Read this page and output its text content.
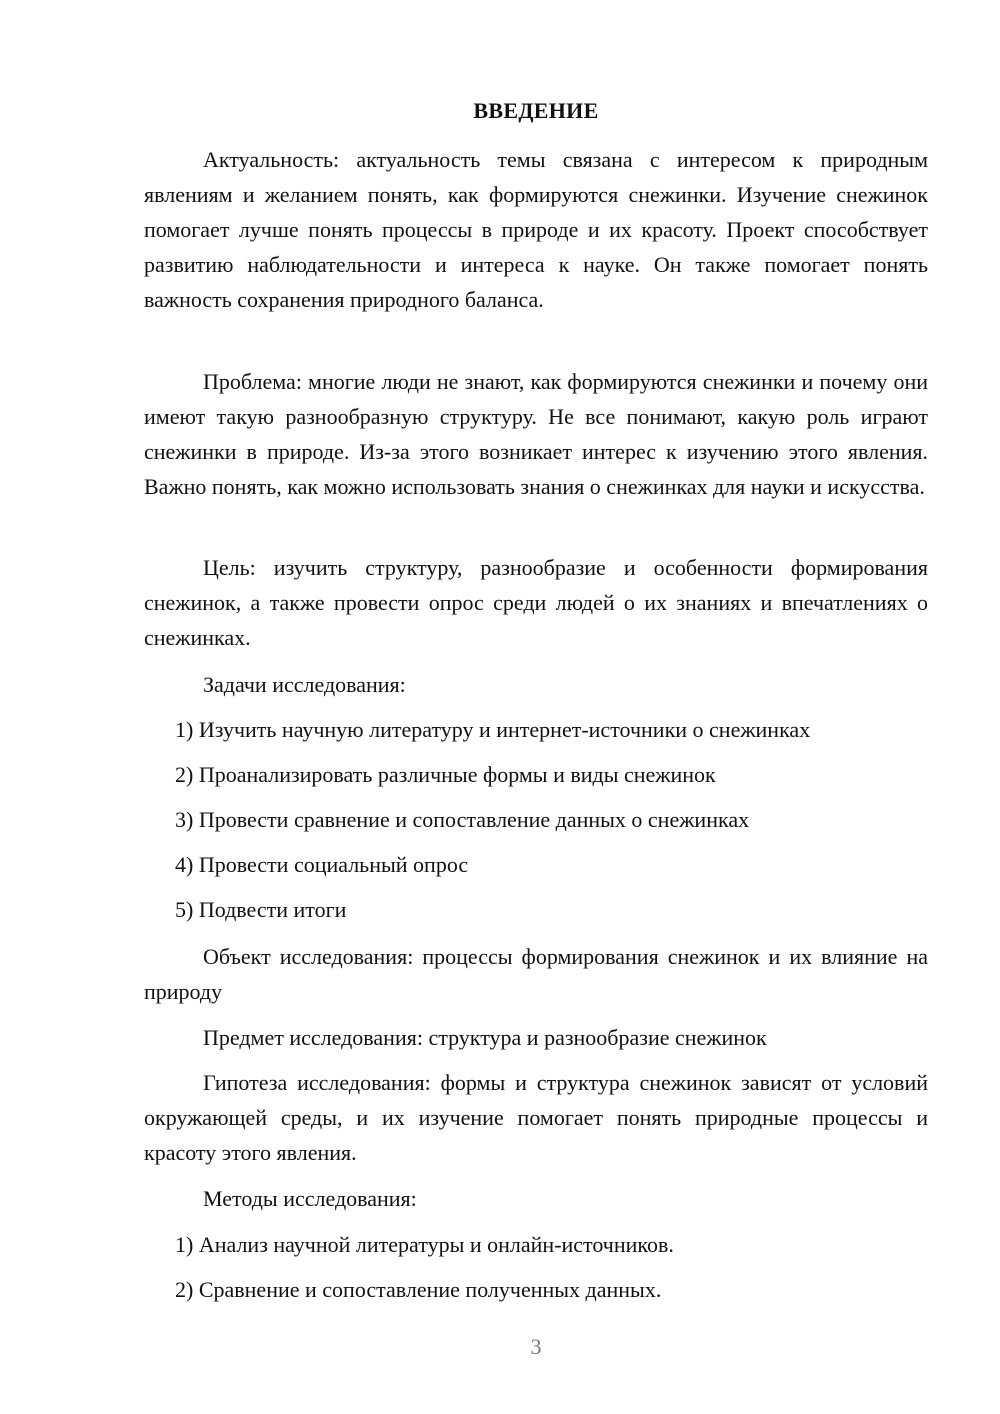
ВВЕДЕНИЕ

Актуальность: актуальность темы связана с интересом к природным явлениям и желанием понять, как формируются снежинки. Изучение снежинок помогает лучше понять процессы в природе и их красоту. Проект способствует развитию наблюдательности и интереса к науке. Он также помогает понять важность сохранения природного баланса.

Проблема: многие люди не знают, как формируются снежинки и почему они имеют такую разнообразную структуру. Не все понимают, какую роль играют снежинки в природе. Из-за этого возникает интерес к изучению этого явления. Важно понять, как можно использовать знания о снежинках для науки и искусства.

Цель: изучить структуру, разнообразие и особенности формирования снежинок, а также провести опрос среди людей о их знаниях и впечатлениях о снежинках.

Задачи исследования:

1) Изучить научную литературу и интернет-источники о снежинках
2) Проанализировать различные формы и виды снежинок
3) Провести сравнение и сопоставление данных о снежинках
4) Провести социальный опрос
5) Подвести итоги

Объект исследования: процессы формирования снежинок и их влияние на природу

Предмет исследования: структура и разнообразие снежинок

Гипотеза исследования: формы и структура снежинок зависят от условий окружающей среды, и их изучение помогает понять природные процессы и красоту этого явления.

Методы исследования:

1) Анализ научной литературы и онлайн-источников.
2) Сравнение и сопоставление полученных данных.
3
